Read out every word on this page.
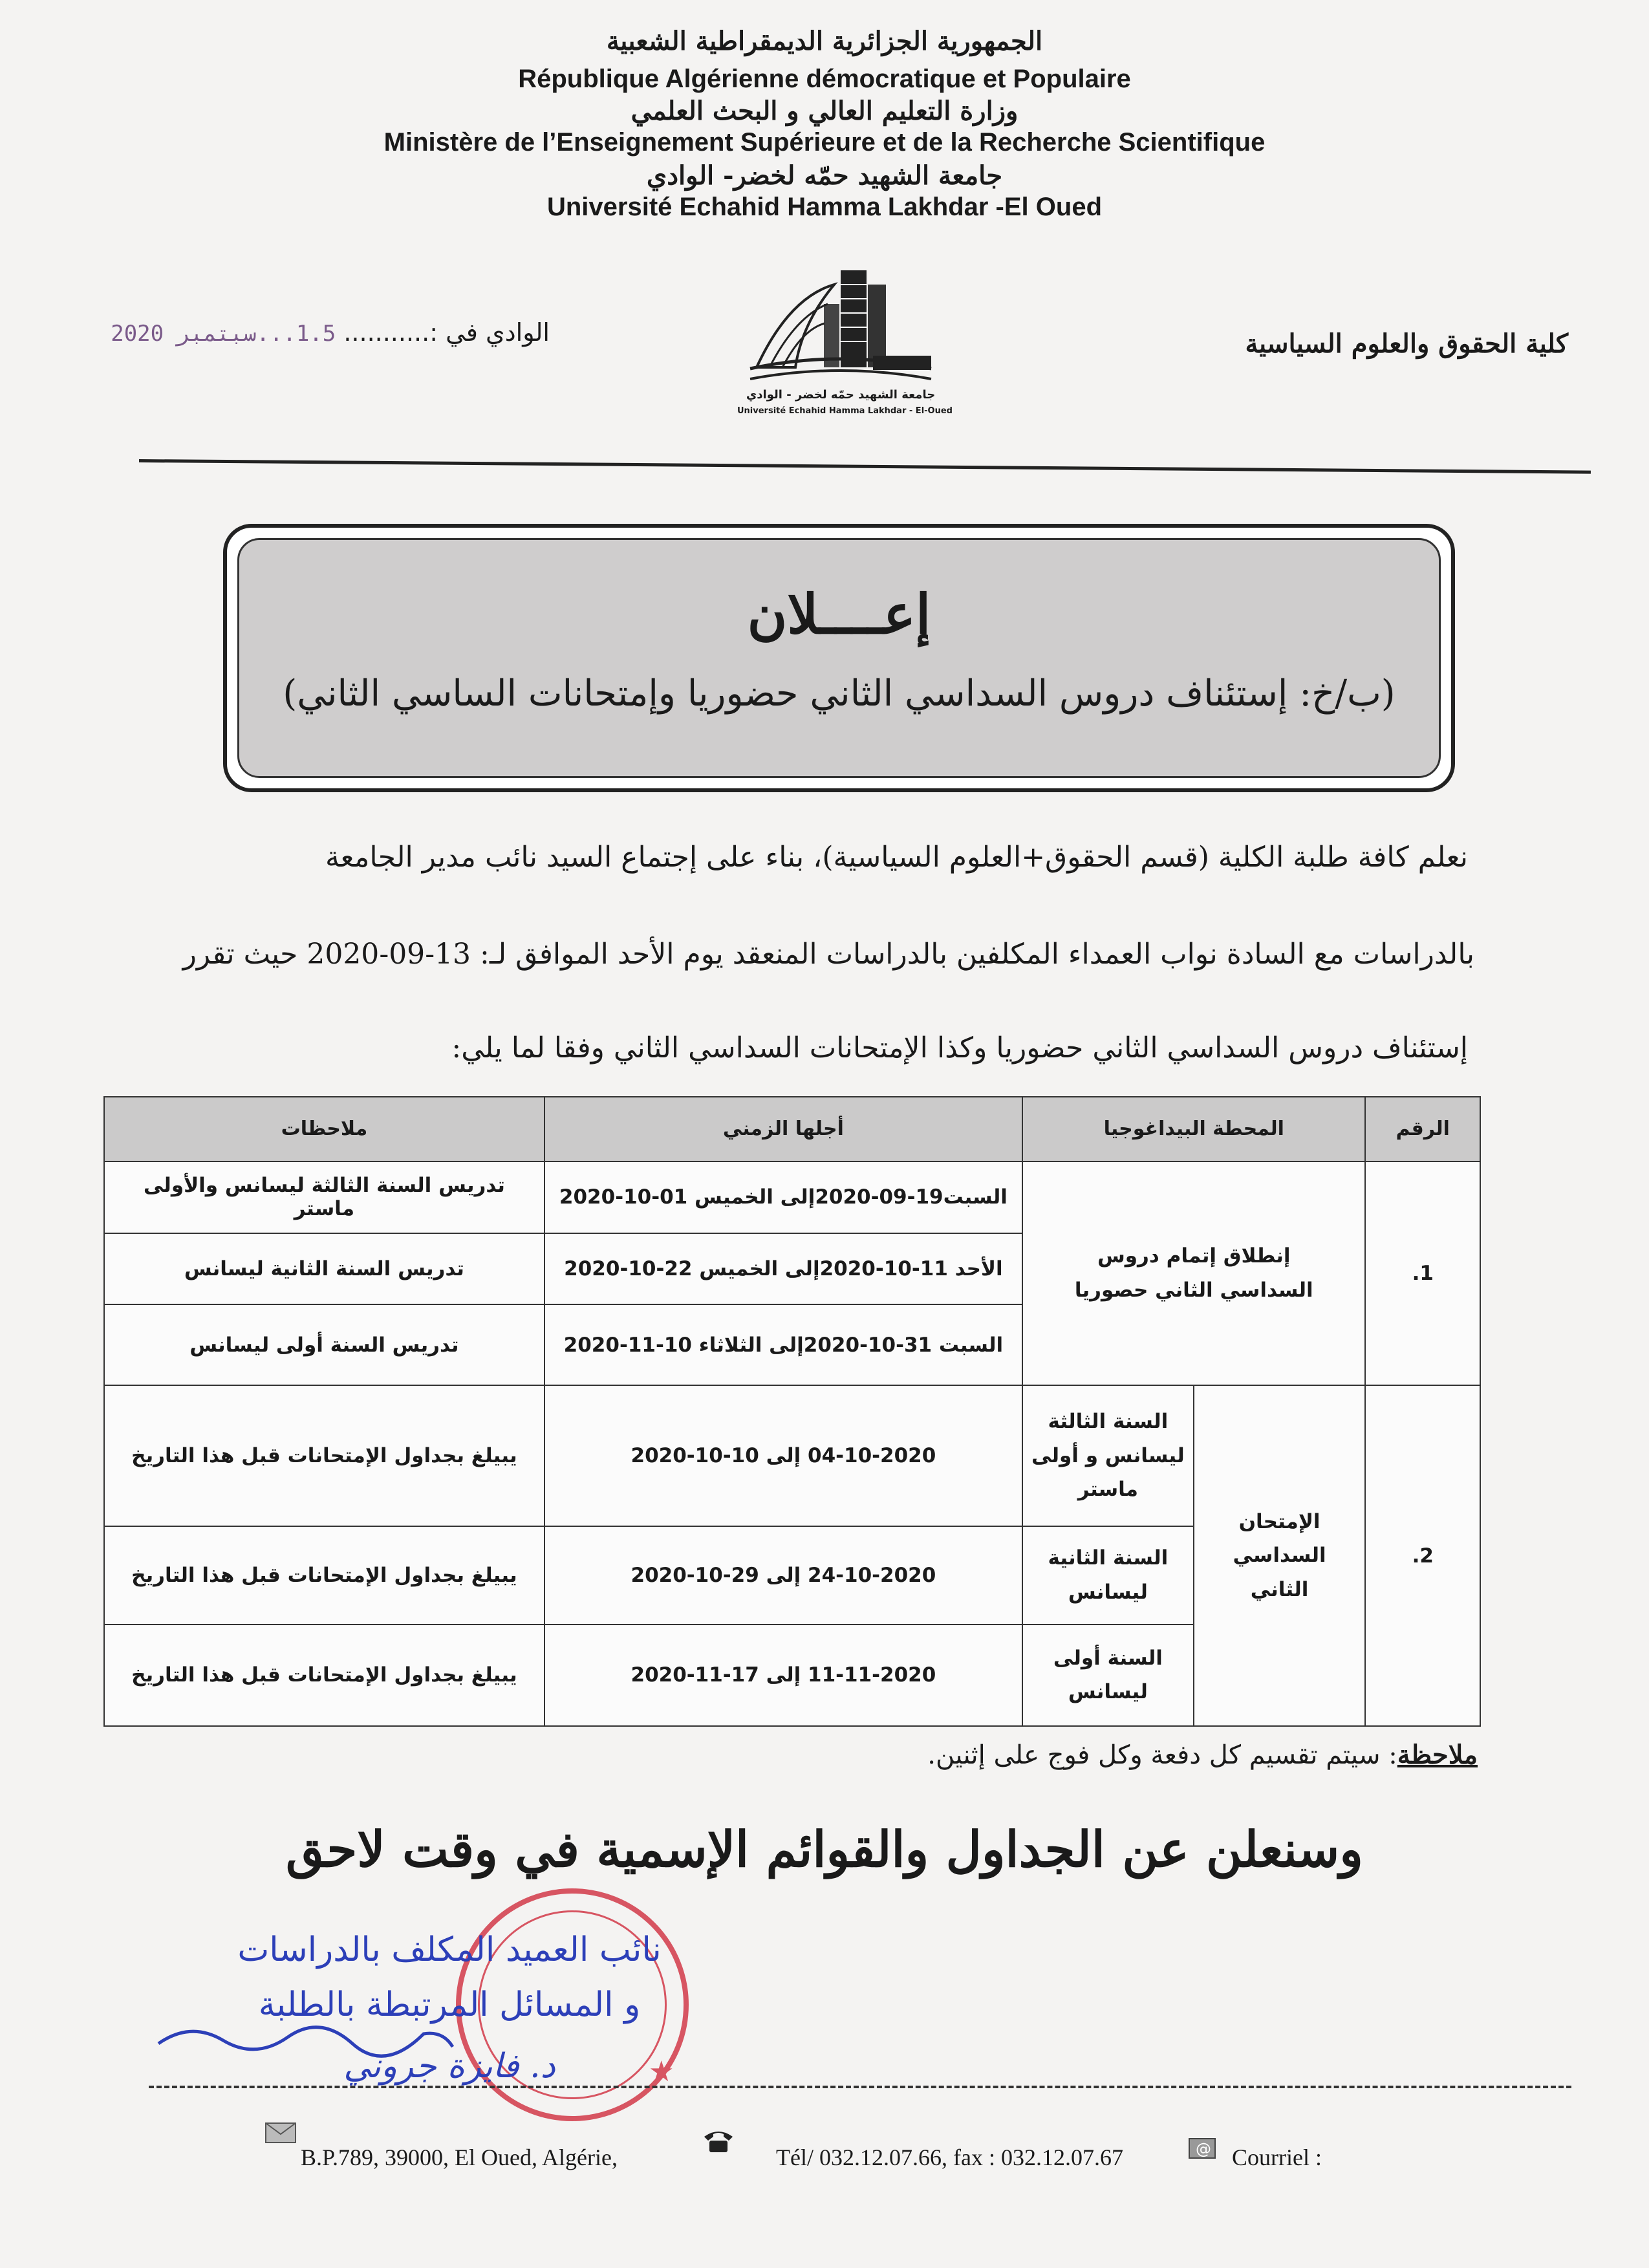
الجمهورية الجزائرية الديمقراطية الشعبية
République Algérienne démocratique et Populaire
وزارة التعليم العالي و البحث العلمي
Ministère de l’Enseignement Supérieure et de la Recherche Scientifique
جامعة الشهيد حمّه لخضر- الوادي
Université Echahid Hamma Lakhdar -El Oued
كلية الحقوق والعلوم السياسية
الوادي في :........... 1.5...سبتمبر 2020
جامعة الشهيد حمّه لخضر - الوادي
Université Echahid Hamma Lakhdar - El-Oued
إعــــلان
(ب/خ: إستئناف دروس السداسي الثاني حضوريا وإمتحانات الساسي الثاني)
نعلم كافة طلبة الكلية (قسم الحقوق+العلوم السياسية)، بناء على إجتماع السيد نائب مدير الجامعة
بالدراسات مع السادة نواب العمداء المكلفين بالدراسات المنعقد يوم الأحد الموافق لـ: 13-09-2020 حيث تقرر
إستئناف دروس السداسي الثاني حضوريا وكذا الإمتحانات السداسي الثاني وفقا لما يلي:
الرقم	المحطة البيداغوجيا		أجلها الزمني	ملاحظات
1.	إنطلاق إتمام دروس السداسي الثاني حصوريا		السبت19-09-2020إلى الخميس 01-10-2020	تدريس السنة الثالثة ليسانس والأولى ماستر
			الأحد 11-10-2020إلى الخميس 22-10-2020	تدريس السنة الثانية ليسانس
			السبت 31-10-2020إلى الثلاثاء 10-11-2020	تدريس السنة أولى ليسانس
2.	الإمتحان السداسي الثاني	السنة الثالثة ليسانس و أولى ماستر	04-10-2020 إلى 10-10-2020	يبيلغ بجداول الإمتحانات قبل هذا التاريخ
		السنة الثانية ليسانس	24-10-2020 إلى 29-10-2020	يبيلغ بجداول الإمتحانات قبل هذا التاريخ
		السنة أولى ليسانس	11-11-2020 إلى 17-11-2020	يبيلغ بجداول الإمتحانات قبل هذا التاريخ
ملاحظة: سيتم تقسيم كل دفعة وكل فوج على إثنين.
وسنعلن عن الجداول والقوائم الإسمية في وقت لاحق
★
نائب العميد المكلف بالدراسات
و المسائل المرتبطة بالطلبة
د. فايزة جروني
B.P.789, 39000, El Oued, Algérie,	Tél/ 032.12.07.66, fax : 032.12.07.67	@ Courriel :
